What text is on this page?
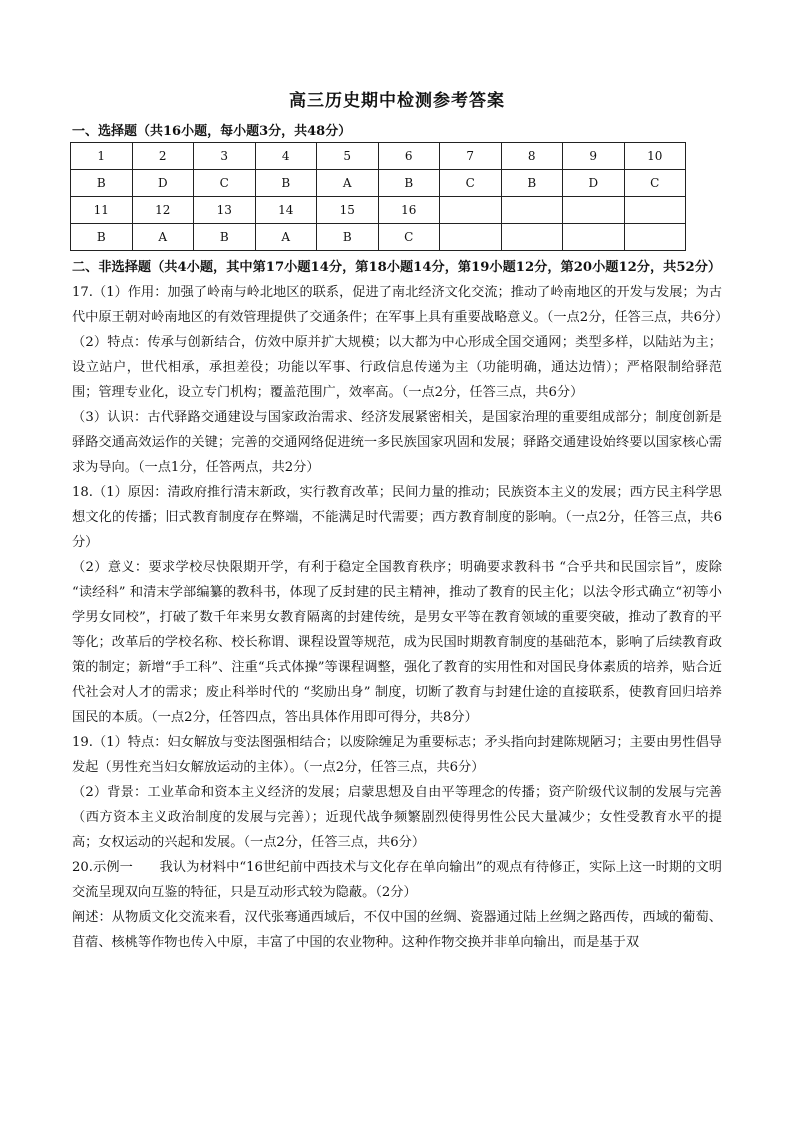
高三历史期中检测参考答案

一、选择题（共16小题，每小题3分，共48分）

1	2	3	4	5	6	7	8	9	10
B	D	C	B	A	B	C	B	D	C
11	12	13	14	15	16				
B	A	B	A	B	C				

二、非选择题（共4小题，其中第17小题14分，第18小题14分，第19小题12分，第20小题12分，共52分）

17.（1）作用：加强了岭南与岭北地区的联系，促进了南北经济文化交流；推动了岭南地区的开发与发展；为古代中原王朝对岭南地区的有效管理提供了交通条件；在军事上具有重要战略意义。（一点2分，任答三点，共6分）

（2）特点：传承与创新结合，仿效中原并扩大规模；以大都为中心形成全国交通网；类型多样，以陆站为主；设立站户，世代相承，承担差役；功能以军事、行政信息传递为主（功能明确，通达边情）；严格限制给驿范围；管理专业化，设立专门机构；覆盖范围广，效率高。（一点2分，任答三点，共6分）

（3）认识：古代驿路交通建设与国家政治需求、经济发展紧密相关，是国家治理的重要组成部分；制度创新是驿路交通高效运作的关键；完善的交通网络促进统一多民族国家巩固和发展；驿路交通建设始终要以国家核心需求为导向。（一点1分，任答两点，共2分）

18.（1）原因：清政府推行清末新政，实行教育改革；民间力量的推动；民族资本主义的发展；西方民主科学思想文化的传播；旧式教育制度存在弊端，不能满足时代需要；西方教育制度的影响。（一点2分，任答三点，共6分）

（2）意义：要求学校尽快限期开学，有利于稳定全国教育秩序；明确要求教科书 “合乎共和民国宗旨”，废除 “读经科” 和清末学部编纂的教科书，体现了反封建的民主精神，推动了教育的民主化；以法令形式确立“初等小学男女同校”，打破了数千年来男女教育隔离的封建传统，是男女平等在教育领域的重要突破，推动了教育的平等化；改革后的学校名称、校长称谓、课程设置等规范，成为民国时期教育制度的基础范本，影响了后续教育政策的制定；新增“手工科”、注重“兵式体操”等课程调整，强化了教育的实用性和对国民身体素质的培养，贴合近代社会对人才的需求；废止科举时代的 “奖励出身” 制度，切断了教育与封建仕途的直接联系，使教育回归培养国民的本质。（一点2分，任答四点，答出具体作用即可得分，共8分）

19.（1）特点：妇女解放与变法图强相结合；以废除缠足为重要标志；矛头指向封建陈规陋习；主要由男性倡导发起（男性充当妇女解放运动的主体）。（一点2分，任答三点，共6分）

（2）背景：工业革命和资本主义经济的发展；启蒙思想及自由平等理念的传播；资产阶级代议制的发展与完善（西方资本主义政治制度的发展与完善）；近现代战争频繁剧烈使得男性公民大量减少；女性受教育水平的提高；女权运动的兴起和发展。（一点2分，任答三点，共6分）

20.示例一　　我认为材料中“16世纪前中西技术与文化存在单向输出”的观点有待修正，实际上这一时期的文明交流呈现双向互鉴的特征，只是互动形式较为隐蔽。（2分）

阐述：从物质文化交流来看，汉代张骞通西域后，不仅中国的丝绸、瓷器通过陆上丝绸之路西传，西域的葡萄、苜蓿、核桃等作物也传入中原，丰富了中国的农业物种。这种作物交换并非单向输出，而是基于双
